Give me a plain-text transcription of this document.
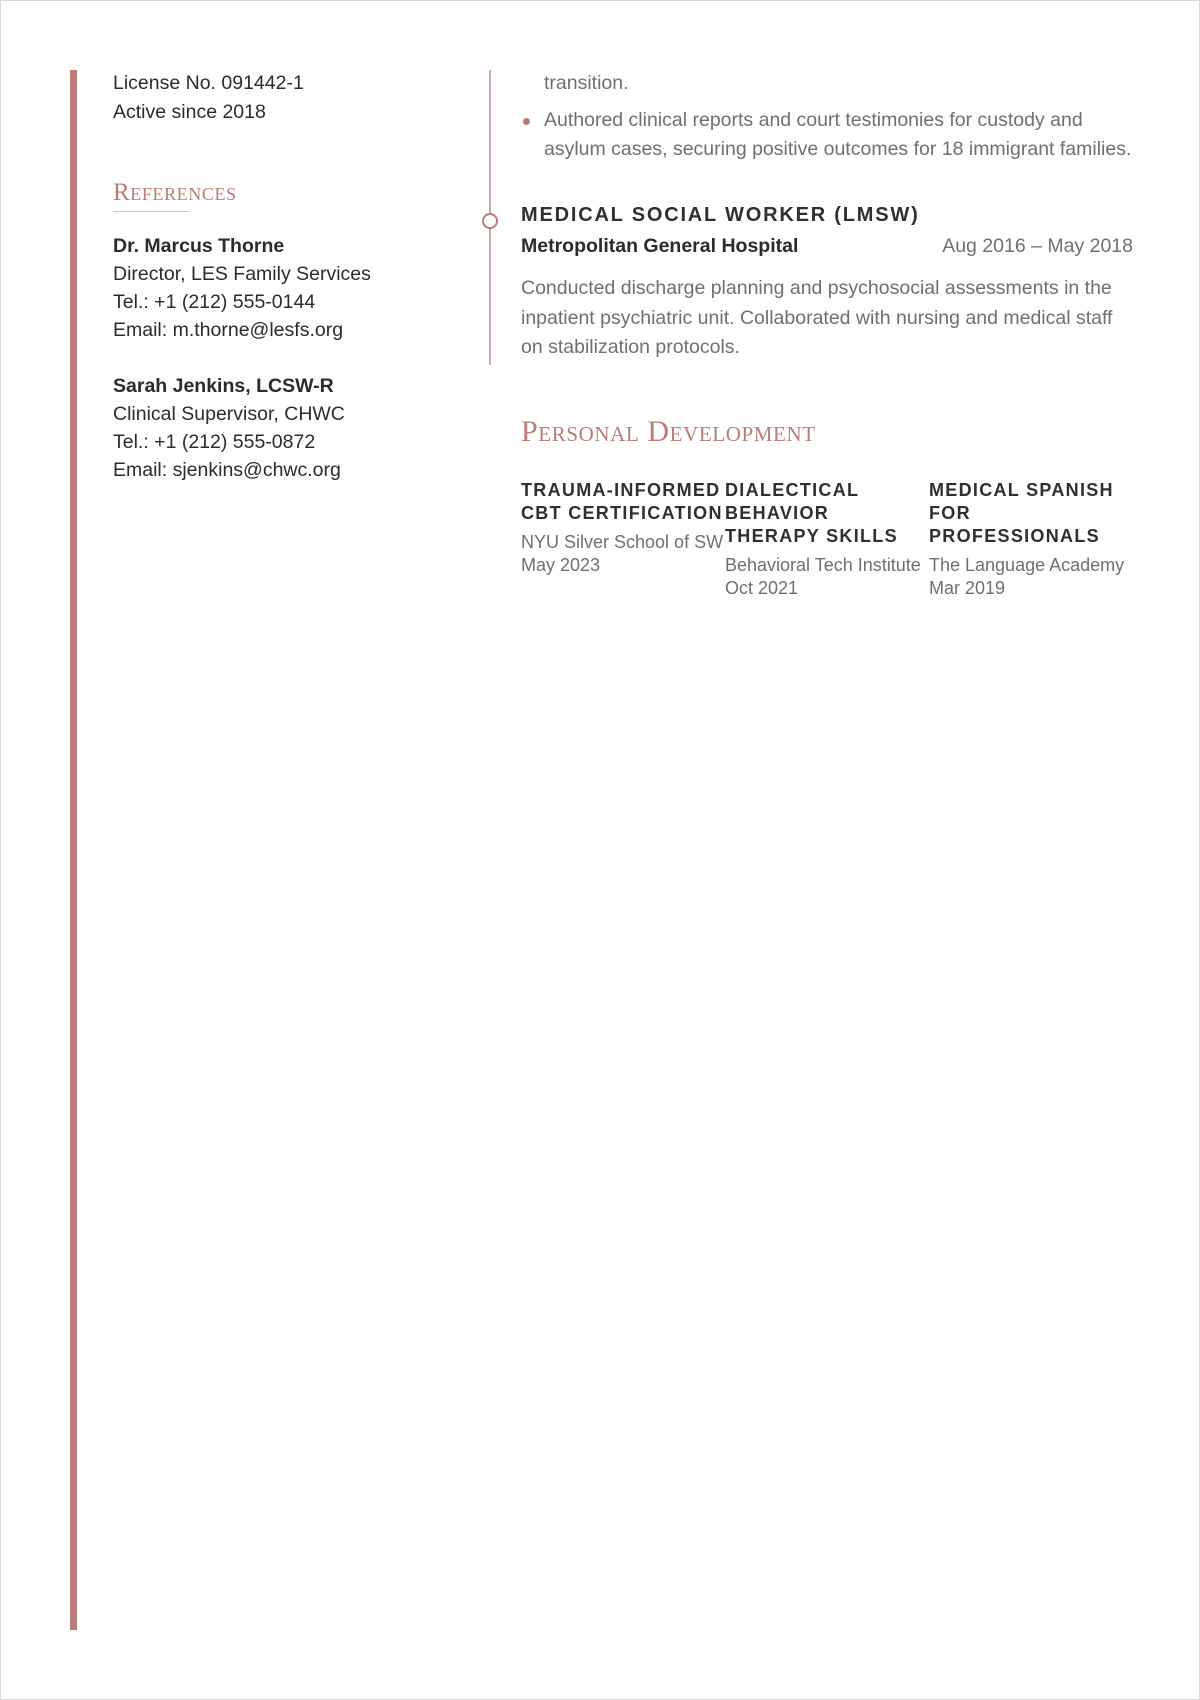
License No. 091442-1

Active since 2018

References
Dr. Marcus Thorne
Director, LES Family Services
Tel.: +1 (212) 555-0144
Email: m.thorne@lesfs.org
Sarah Jenkins, LCSW-R
Clinical Supervisor, CHWC
Tel.: +1 (212) 555-0872
Email: sjenkins@chwc.org

transition.

Authored clinical reports and court testimonies for custody and asylum cases, securing positive outcomes for 18 immigrant families.
MEDICAL SOCIAL WORKER (LMSW)
Metropolitan General Hospital	Aug 2016 – May 2018

Conducted discharge planning and psychosocial assessments in the inpatient psychiatric unit. Collaborated with nursing and medical staff on stabilization protocols.

Personal Development
TRAUMA-INFORMED CBT CERTIFICATION
NYU Silver School of SW
May 2023
DIALECTICAL BEHAVIOR THERAPY SKILLS
Behavioral Tech Institute
Oct 2021
MEDICAL SPANISH FOR PROFESSIONALS
The Language Academy
Mar 2019
